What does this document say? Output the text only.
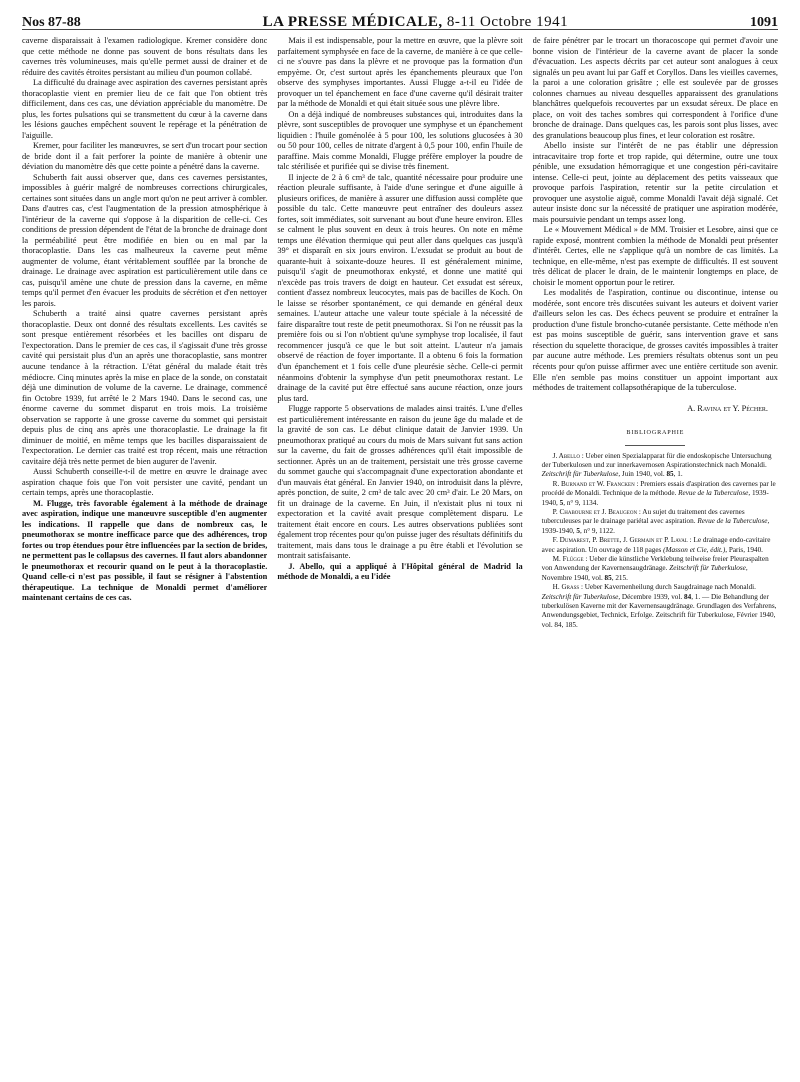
Nos 87-88	LA PRESSE MÉDICALE, 8-11 Octobre 1941	1091

caverne disparaissait à l'examen radiologique. Kremer considère donc que cette méthode ne donne pas souvent de bons résultats dans les cavernes très volumineuses, mais qu'elle permet aussi de drainer et de réduire des cavités étroites persistant au milieu d'un poumon collabé.

La difficulté du drainage avec aspiration des cavernes persistant après thoracoplastie vient en premier lieu de ce fait que l'on obtient très difficilement, dans ces cas, une déviation appréciable du manomètre. De plus, les fortes pulsations qui se transmettent du cœur à la caverne dans les lésions gauches empêchent souvent le repérage et la pénétration de l'aiguille.

Kremer, pour faciliter les manœuvres, se sert d'un trocart pour section de bride dont il a fait perforer la pointe de manière à obtenir une déviation du manomètre dès que cette pointe a pénétré dans la caverne.

Schuberth fait aussi observer que, dans ces cavernes persistantes, impossibles à guérir malgré de nombreuses corrections chirurgicales, certaines sont situées dans un angle mort qu'on ne peut arriver à combler. Dans d'autres cas, c'est l'augmentation de la pression atmosphérique à l'intérieur de la caverne qui s'oppose à la disparition de celle-ci. Ces conditions de pression dépendent de l'état de la bronche de drainage dont la perméabilité peut être modifiée en bien ou en mal par la thoracoplastie. Dans les cas malheureux la caverne peut même augmenter de volume, étant véritablement soufflée par la bronche de drainage. Le drainage avec aspiration est particulièrement utile dans ce cas, puisqu'il amène une chute de pression dans la caverne, en même temps qu'il permet d'en évacuer les produits de sécrétion et d'en nettoyer les parois.

Schuberth a traité ainsi quatre cavernes persistant après thoracoplastie. Deux ont donné des résultats excellents. Les cavités se sont presque entièrement résorbées et les bacilles ont disparu de l'expectoration. Dans le premier de ces cas, il s'agissait d'une très grosse cavité qui persistait plus d'un an après une thoracoplastie, sans montrer aucune tendance à la rétraction. L'état général du malade était très médiocre. Cinq minutes après la mise en place de la sonde, on constatait déjà une diminution de volume de la caverne. Le drainage, commencé fin Octobre 1939, fut arrêté le 2 Mars 1940. Dans le second cas, une énorme caverne du sommet disparut en trois mois. La troisième observation se rapporte à une grosse caverne du sommet qui persistait depuis plus de cinq ans après une thoracoplastie. Le drainage la fit diminuer de moitié, en même temps que les bacilles disparaissaient de l'expectoration. Le dernier cas traité est trop récent, mais une rétraction cavitaire déjà très nette permet de bien augurer de l'avenir.

Aussi Schuberth conseille-t-il de mettre en œuvre le drainage avec aspiration chaque fois que l'on voit persister une cavité, pendant un certain temps, après une thoracoplastie.

M. Flugge, très favorable également à la méthode de drainage avec aspiration, indique une manœuvre susceptible d'en augmenter les indications. Il rappelle que dans de nombreux cas, le pneumothorax se montre inefficace parce que des adhérences, trop fortes ou trop étendues pour être influencées par la section de brides, ne permettent pas le collapsus des cavernes. Il faut alors abandonner le pneumothorax et recourir quand on le peut à la thoracoplastie. Quand celle-ci n'est pas possible, il faut se résigner à l'abstention thérapeutique. La technique de Monaldi permet d'améliorer maintenant certains de ces cas.

Mais il est indispensable, pour la mettre en œuvre, que la plèvre soit parfaitement symphysée en face de la caverne, de manière à ce que celle-ci ne s'ouvre pas dans la plèvre et ne provoque pas la formation d'un empyème. Or, c'est surtout après les épanchements pleuraux que l'on observe des symphyses importantes. Aussi Flugge a-t-il eu l'idée de provoquer un tel épanchement en face d'une caverne qu'il désirait traiter par la méthode de Monaldi et qui était située sous une plèvre libre.

On a déjà indiqué de nombreuses substances qui, introduites dans la plèvre, sont susceptibles de provoquer une symphyse et un épanchement liquidien : l'huile goménolée à 5 pour 100, les solutions glucosées à 30 ou 50 pour 100, celles de nitrate d'argent à 0,5 pour 100, enfin l'huile de paraffine. Mais comme Monaldi, Flugge préfère employer la poudre de talc stérilisée et purifiée qui se divise très finement.

Il injecte de 2 à 6 cm³ de talc, quantité nécessaire pour produire une réaction pleurale suffisante, à l'aide d'une seringue et d'une aiguille à plusieurs orifices, de manière à assurer une diffusion aussi complète que possible du talc. Cette manœuvre peut entraîner des douleurs assez fortes, soit immédiates, soit survenant au bout d'une heure environ. Elles se calment le plus souvent en deux à trois heures. On note en même temps une élévation thermique qui peut aller dans quelques cas jusqu'à 39° et disparaît en six jours environ. L'exsudat se produit au bout de quarante-huit à soixante-douze heures. Il est généralement minime, puisqu'il s'agit de pneumothorax enkysté, et donne une matité qui n'excède pas trois travers de doigt en hauteur. Cet exsudat est séreux, contient d'assez nombreux leucocytes, mais pas de bacilles de Koch. On le laisse se résorber spontanément, ce qui demande en général deux semaines. L'auteur attache une valeur toute spéciale à la nécessité de faire disparaître tout reste de petit pneumothorax. Si l'on ne réussit pas la première fois ou si l'on n'obtient qu'une symphyse trop localisée, il faut recommencer jusqu'à ce que le but soit atteint. L'auteur n'a jamais observé de réaction de foyer importante. Il a obtenu 6 fois la formation d'un épanchement et 1 fois celle d'une pleurésie sèche. Celle-ci permit néanmoins d'obtenir la symphyse d'un petit pneumothorax restant. Le drainage de la cavité put être effectué sans aucune réaction, onze jours plus tard.

Flugge rapporte 5 observations de malades ainsi traités. L'une d'elles est particulièrement intéressante en raison du jeune âge du malade et de la gravité de son cas. Le début clinique datait de Janvier 1939. Un pneumothorax pratiqué au cours du mois de Mars suivant fut sans action sur la caverne, du fait de grosses adhérences qu'il était impossible de sectionner. Après un an de traitement, persistait une très grosse caverne du sommet gauche qui s'accompagnait d'une expectoration abondante et d'un mauvais état général. En Janvier 1940, on introduisit dans la plèvre, après ponction, de suite, 2 cm³ de talc avec 20 cm³ d'air. Le 20 Mars, on fit un drainage de la caverne. En Juin, il n'existait plus ni toux ni expectoration et la cavité avait presque complètement disparu. Le traitement était encore en cours. Les autres observations publiées sont également trop récentes pour qu'on puisse juger des résultats définitifs du traitement, mais dans tous le drainage a pu être établi et l'évolution se montrait satisfaisante.

J. Abello, qui a appliqué à l'Hôpital général de Madrid la méthode de Monaldi, a eu l'idée

de faire pénétrer par le trocart un thoracoscope qui permet d'avoir une bonne vision de l'intérieur de la caverne avant de placer la sonde d'évacuation. Les aspects décrits par cet auteur sont analogues à ceux signalés un peu avant lui par Gaff et Coryllos. Dans les vieilles cavernes, la paroi a une coloration grisâtre ; elle est soulevée par de grosses colonnes charnues au niveau desquelles apparaissent des granulations blanchâtres quelquefois recouvertes par un exsudat séreux. De place en place, on voit des taches sombres qui correspondent à l'orifice d'une bronche de drainage. Dans quelques cas, les parois sont plus lisses, avec des granulations beaucoup plus fines, et leur coloration est rosâtre.

Abello insiste sur l'intérêt de ne pas établir une dépression intracavitaire trop forte et trop rapide, qui détermine, outre une toux pénible, une exsudation hémorragique et une congestion péri-cavitaire intense. Celle-ci peut, jointe au déplacement des petits vaisseaux que provoque parfois l'aspiration, retentir sur la petite circulation et provoquer une asystolie aiguë, comme Monaldi l'avait déjà signalé. Cet auteur insiste donc sur la nécessité de pratiquer une aspiration modérée, mais poursuivie pendant un temps assez long.

Le « Mouvement Médical » de MM. Troisier et Lesobre, ainsi que ce rapide exposé, montrent combien la méthode de Monaldi peut présenter d'intérêt. Certes, elle ne s'applique qu'à un nombre de cas limités. La technique, en elle-même, n'est pas exempte de difficultés. Il est souvent très délicat de placer le drain, de le maintenir longtemps en place, de choisir le moment opportun pour le retirer.

Les modalités de l'aspiration, continue ou discontinue, intense ou modérée, sont encore très discutées suivant les auteurs et doivent varier d'ailleurs selon les cas. Des échecs peuvent se produire et entraîner la production d'une fistule broncho-cutanée persistante. Cette méthode n'en est pas moins susceptible de guérir, sans intervention grave et sans résection du squelette thoracique, de grosses cavités impossibles à traiter par aucune autre méthode. Les premiers résultats obtenus sont un peu récents pour qu'on puisse affirmer avec une entière certitude son avenir. Elle n'en semble pas moins constituer un appoint important aux méthodes de traitement collapsothérapique de la tuberculose.

A. Ravina et Y. Pécher.

BIBLIOGRAPHIE

J. Abello : Ueber einen Spezialapparat für die endoskopische Untersuchung der Tuberkulosen und zur innerkavernosen Aspirationstechnick nach Monaldi. Zeitschrift für Tuberkulose, Juin 1940, vol. 85, 1.

R. Burnand et W. Francken : Premiers essais d'aspiration des cavernes par le procédé de Monaldi. Technique de la méthode. Revue de la Tuberculose, 1939-1940, 5, n° 9, 1134.

P. Chabourne et J. Beaugeon : Au sujet du traitement des cavernes tuberculeuses par le drainage pariétal avec aspiration. Revue de la Tuberculose, 1939-1940, 5, n° 9, 1122.

F. Dumarest, P. Brette, J. Germain et P. Laval : Le drainage endo-cavitaire avec aspiration. Un ouvrage de 118 pages (Masson et Cie, édit.), Paris, 1940.

M. Flügge : Ueber die künstliche Verklebung teilweise freier Pleuraspalten von Anwendung der Kavernensaugdränage. Zeitschrift für Tuberkulose, Novembre 1940, vol. 85, 215.

H. Grass : Ueber Kavernenheilung durch Saugdrainage nach Monaldi. Zeitschrift für Tuberkulose, Décembre 1939, vol. 84, 1. — Die Behandlung der tuberkulösen Kaverne mit der Kavernensaugdränage. Grundlagen des Verfahrens, Anwendungsgebiet, Technick, Erfolge. Zeitschrift für Tuberkulose, Février 1940, vol. 84, 185.
